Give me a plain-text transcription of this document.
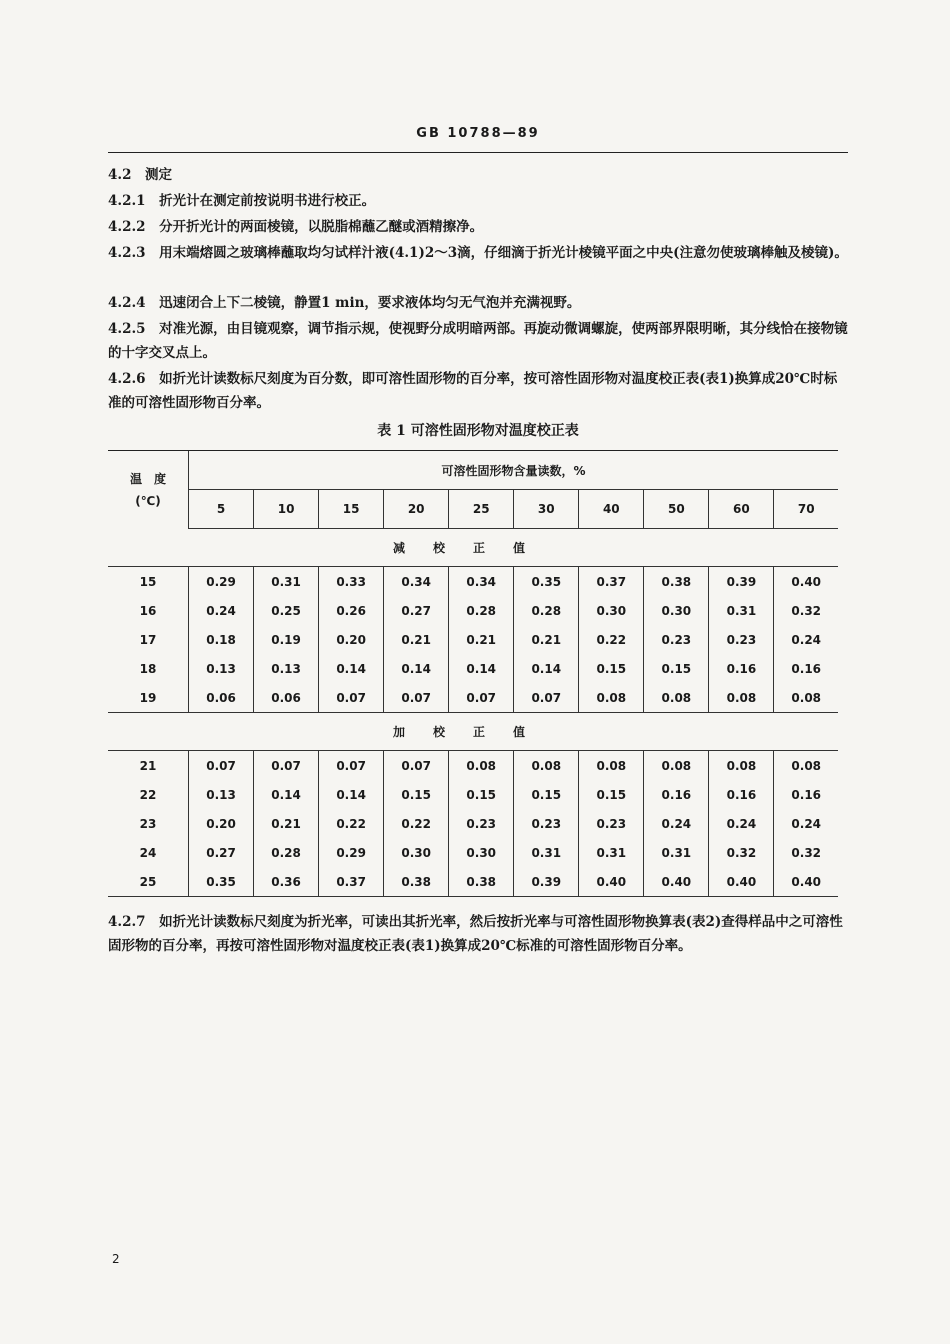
GB 10788—89
4.2　测定
4.2.1　折光计在测定前按说明书进行校正。
4.2.2　分开折光计的两面棱镜，以脱脂棉蘸乙醚或酒精擦净。
4.2.3　用末端熔圆之玻璃棒蘸取均匀试样汁液(4.1)2～3滴，仔细滴于折光计棱镜平面之中央(注意勿使玻璃棒触及棱镜)。
4.2.4　迅速闭合上下二棱镜，静置1 min，要求液体均匀无气泡并充满视野。
4.2.5　对准光源，由目镜观察，调节指示规，使视野分成明暗两部。再旋动微调螺旋，使两部界限明晰，其分线恰在接物镜的十字交叉点上。
4.2.6　如折光计读数标尺刻度为百分数，即可溶性固形物的百分率，按可溶性固形物对温度校正表(表1)换算成20℃时标准的可溶性固形物百分率。
表 1 可溶性固形物对温度校正表
温　度
(℃)	可溶性固形物含量读数，%									
	5	10	15	20	25	30	40	50	60	70
减校正值										
15	0.29	0.31	0.33	0.34	0.34	0.35	0.37	0.38	0.39	0.40
16	0.24	0.25	0.26	0.27	0.28	0.28	0.30	0.30	0.31	0.32
17	0.18	0.19	0.20	0.21	0.21	0.21	0.22	0.23	0.23	0.24
18	0.13	0.13	0.14	0.14	0.14	0.14	0.15	0.15	0.16	0.16
19	0.06	0.06	0.07	0.07	0.07	0.07	0.08	0.08	0.08	0.08
加校正值										
21	0.07	0.07	0.07	0.07	0.08	0.08	0.08	0.08	0.08	0.08
22	0.13	0.14	0.14	0.15	0.15	0.15	0.15	0.16	0.16	0.16
23	0.20	0.21	0.22	0.22	0.23	0.23	0.23	0.24	0.24	0.24
24	0.27	0.28	0.29	0.30	0.30	0.31	0.31	0.31	0.32	0.32
25	0.35	0.36	0.37	0.38	0.38	0.39	0.40	0.40	0.40	0.40
4.2.7　如折光计读数标尺刻度为折光率，可读出其折光率，然后按折光率与可溶性固形物换算表(表2)查得样品中之可溶性固形物的百分率，再按可溶性固形物对温度校正表(表1)换算成20℃标准的可溶性固形物百分率。
2
